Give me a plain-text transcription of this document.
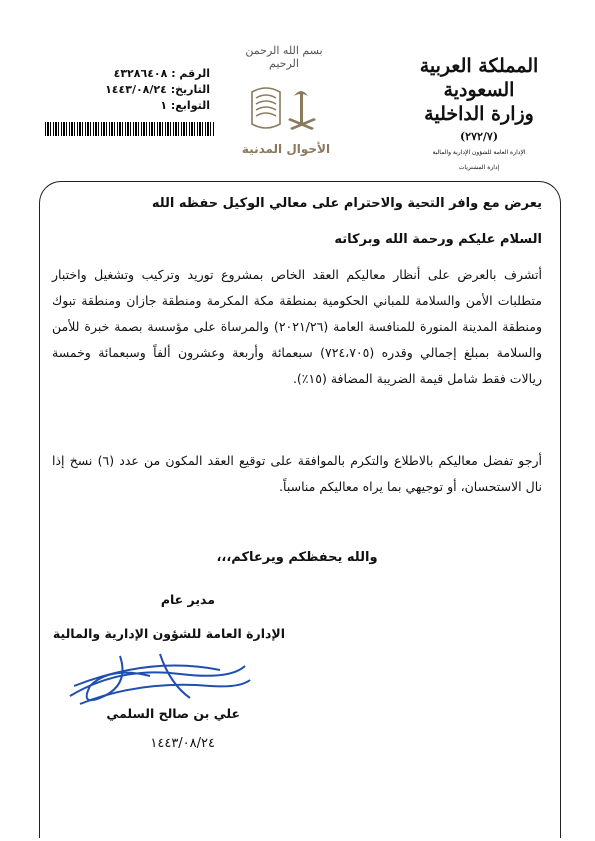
الرقم : ٤٣٢٨٦٤٠٨
التاريخ: ١٤٤٣/٠٨/٢٤
التوابع: ١
بسم الله الرحمن الرحيم
الأحوال المدنية
المملكة العربية السعودية
وزارة الداخلية
(٢٧٢/٧)
الإدارة العامة للشؤون الإدارية والمالية
إدارة المشتريات
يعرض مع وافر التحية والاحترام على معالي الوكيل حفظه الله
السلام عليكم ورحمة الله وبركاته
أتشرف بالعرض على أنظار معاليكم العقد الخاص بمشروع توريد وتركيب وتشغيل واختبار متطلبات الأمن والسلامة للمباني الحكومية بمنطقة مكة المكرمة ومنطقة جازان ومنطقة تبوك ومنطقة المدينة المنورة للمنافسة العامة (٢٠٢١/٢٦) والمرساة على مؤسسة بصمة خبرة للأمن والسلامة بمبلغ إجمالي وقدره (٧٢٤،٧٠٥) سبعمائة وأربعة وعشرون ألفاً وسبعمائة وخمسة ريالات فقط شامل قيمة الضريبة المضافة (١٥٪).
أرجو تفضل معاليكم بالاطلاع والتكرم بالموافقة على توقيع العقد المكون من عدد (٦) نسخ إذا نال الاستحسان، أو توجيهي بما يراه معاليكم مناسباً.
والله يحفظكم ويرعاكم،،،
مدير عام
الإدارة العامة للشؤون الإدارية والمالية
علي بن صالح السلمي
١٤٤٣/٠٨/٢٤
